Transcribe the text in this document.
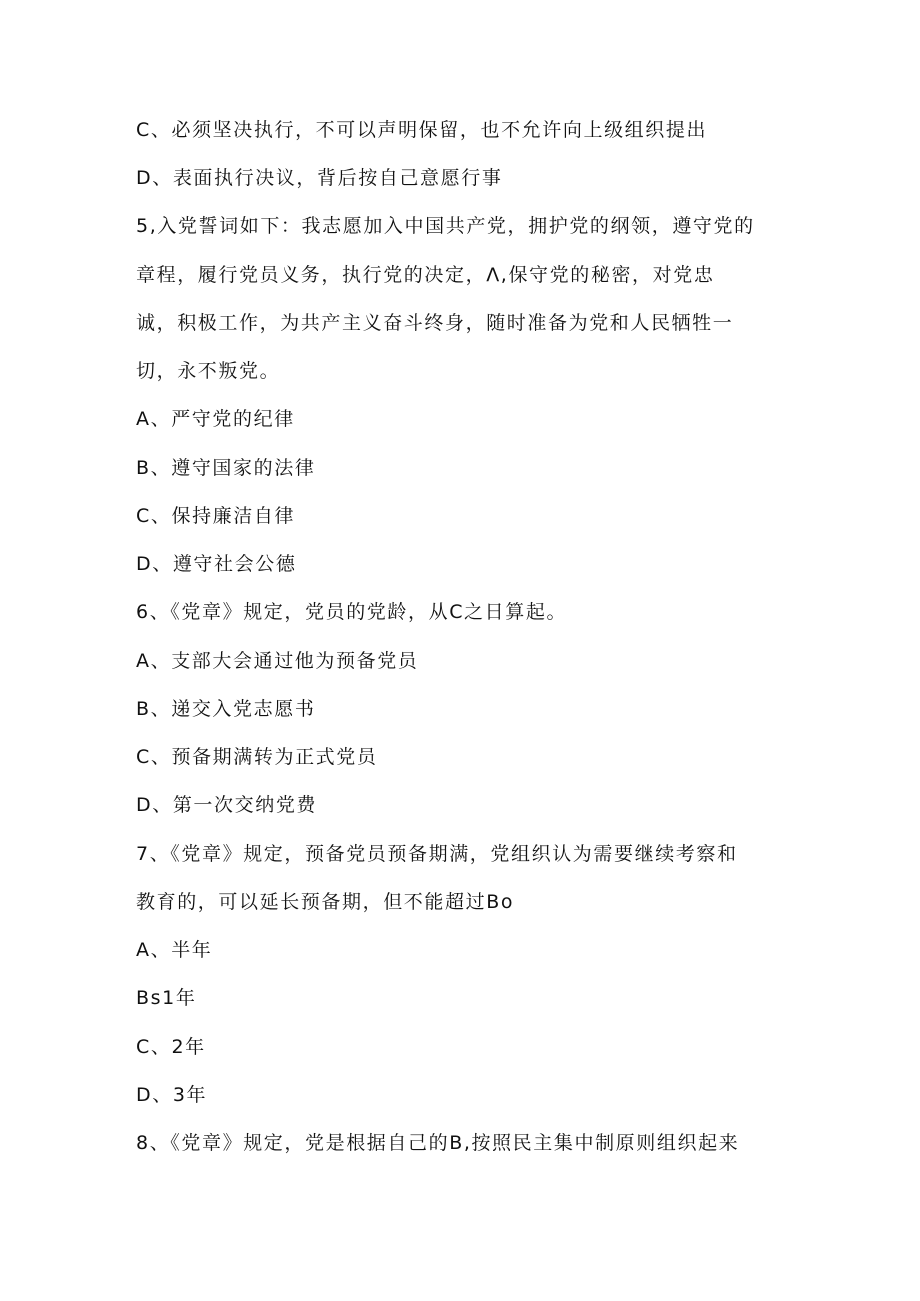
C、必须坚决执行，不可以声明保留，也不允许向上级组织提出
D、表面执行决议，背后按自己意愿行事
5,入党誓词如下：我志愿加入中国共产党，拥护党的纲领，遵守党的
章程，履行党员义务，执行党的决定，Λ,保守党的秘密，对党忠
诚，积极工作，为共产主义奋斗终身，随时准备为党和人民牺牲一
切，永不叛党。
A、严守党的纪律
B、遵守国家的法律
C、保持廉洁自律
D、遵守社会公德
6、《党章》规定，党员的党龄，从C之日算起。
A、支部大会通过他为预备党员
B、递交入党志愿书
C、预备期满转为正式党员
D、第一次交纳党费
7、《党章》规定，预备党员预备期满，党组织认为需要继续考察和
教育的，可以延长预备期，但不能超过Bo
A、半年
Bs1年
C、2年
D、3年
8、《党章》规定，党是根据自己的B,按照民主集中制原则组织起来
